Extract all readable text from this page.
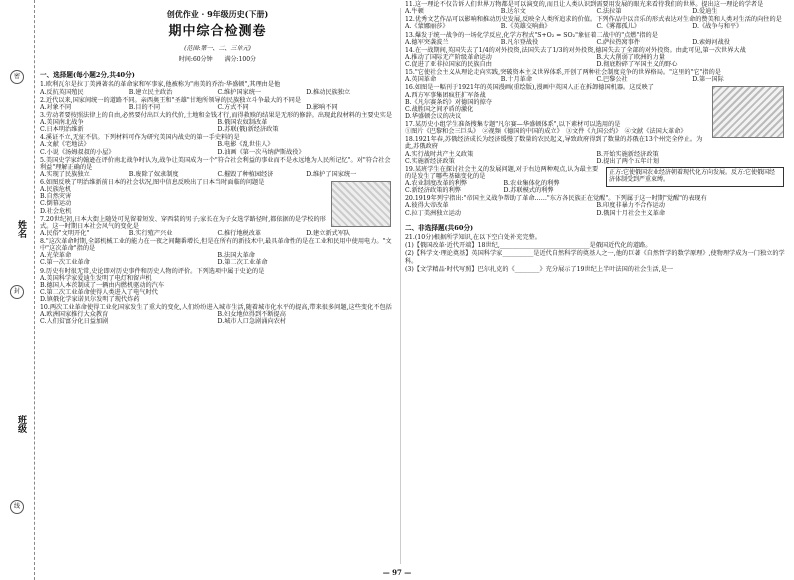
密
姓名
封
班级
线
创优作业 · 9年级历史(下册)
期中综合检测卷
(范围:第一、二、三单元)
时间:60分钟　　满分:100分
一、选择题(每小题2分,共40分)
1.欧利瓦尔是拉丁美洲著名的革命家和军事家,他被称为"南美的乔治·华盛顿",其理由是他
A.反抗英国殖民	B.建立民主政治	C.维护国家统一	D.推动民族独立
2.近代以来,国家间统一的道路不同。亲西奥王和"圣雄"甘地所领导的民族独立斗争最大的不同是
A.对象不同	B.目的不同	C.方式不同	D.影响不同
3.劳动者要按照法律上的自由,必然要付出巨大的代价,土地和金钱才行,而得救赎的结果是无形的修辞。出现此段材料的主要史实是
A.美国南北战争	B.俄国农奴制改革
C.日本明治维新	D.苏联(俄)新经济政策
4.溪证不立,无征不信。下列材料可作为研究美国内战史的第一手史料的是
A.文献《宅地法》	B.电影《乱世佳人》
C.小说《汤姆叔叔的小屋》	D.油画《第一次马纳萨斯战役》
5.美国史学家约翰逊在评价南北战争时认为,战争让美国成为一个"符合社会利益的事业而不是永远地为人民所记忆"。对"符合社会利益"理解正确的是
A.实现了民族独立	B.废除了奴隶制度	C.摧毁了种植园经济	D.维护了国家统一
6.如图反映了明治维新前日本的社会状况,图中信息反映出了日本当时面临的问题是
A.民族危机
B.自然灾害
C.倒幕运动
D.社会危机
7.20世纪初,日本大街上随处可见留着短发、穿西装的男子;家长在为子女选学路径时,都依据的是学校的形式。这一时期日本社会风气的变化是
A.民俗"文明开化"	B.实行殖产兴业	C.推行地税改革	D.建立新式军队
8."这次革命时期,全部机械工业的能力在一夜之间翻番增长,但是在所有的新技术中,最具革命性的是在工业和民用中使用电力。"文中"这次革命"指的是
A.光荣革命	B.法国大革命
C.第一次工业革命	D.第二次工业革命
9.历史有时很无常,史论即对历史事件和历史人物的评价。下列选项中属于史论的是
A.美国科学家爱迪生发明了电灯和留声机
B.德国人本茨制成了一辆由内燃机驱动的汽车
C.第二次工业革命使得人类进入了电气时代
D.镇俄化学家诺贝尔发明了现代炸药
10.两次工业革命使得工业化国家发生了重大的变化,人们纷纷进入城市生活,随着城市化水平的提高,带来很多问题,这些变化不包括
A.欧洲国家推行大众教育	B.妇女地位得到不断提高
C.人们贫富分化日益加剧	D.城市人口急剧涌向农村
11.这一理论不仅告诉人们世界万物都是可以演变的,而且让人类认识到需要用发展的眼光来看待我们的世界。提出这一理论的学者是
A.牛顿	B.达尔文	C.法拉第	D.爱迪生
12.优秀文艺作品可以影响和推动历史发展,反映全人类所追求的价值。下列作品中以音乐的形式表达对生命的赞美和人类对生活的向往的是
A.《蒙娜丽莎》	B.《英雄交响曲》	C.《雾都孤儿》	D.《战争与和平》
13.爆发于统一战争的一场化学反应,化学方程式"S+O₂ = SO₂"象征着二战中的"点燃"指的是
A.德军突袭波兰	B.凡尔登战役	C.萨拉热窝事件	D.索姆河战役
14.在一战期间,英国失去了1/4的对外投资,法国失去了1/3的对外投资,德国失去了全部的对外投资。由此可见,第一次世界大战
A.推动了国际无产阶级革命运动	B.大大削弱了欧洲的力量
C.促进了亚非拉国家的民族自由	D.彻底粉碎了军国主义的野心
15."它使社会主义从理论走向实践,突破资本主义世界体系,开创了两种社会制度竞争的世界格局。"这里的"它"指的是
A.英国革命	B.十月革命	C.巴黎公社	D.第一国际
16.如图是一幅刊于1921年的英国漫画(重绘版),漫画中英国人正在拆卸德国机器。这反映了
A.西方军事集团疯狂扩军备战
B.《凡尔赛条约》对德国的掠夺
C.战胜国之间矛盾的激化
D.华盛顿会议的决议
17.某历史小组学生准备搜集专题"凡尔赛—华盛顿体系",以下素材可以选用的是
①图片《巴黎和会三巨头》　②视频《德国的中国的成立》　③文件《九国公约》　④文献《法国大革命》
18.1921年春,苏俄经济成长为经济缓慢了数量的农民起义,导致政府得到了数量的苏俄在13个州完全停止。为此,苏俄政府
A.实行战时共产主义政策	B.开始实施新经济政策
C.实施新经济政策	D.提出了两个五年计划
正方:它使俄国农业经济朝着现代化方向发展。反方:它使俄国经济体制受到严重束缚。
19.某班学生在探讨社会主义的发展问题,对于右边两种观点,认为最主要的是发生了哪些基础变化的是
A.农业制度改革的利弊	B.农业集体化的利弊
C.新经济政策的利弊	D.苏联模式的利弊
20.1919年列宁指出:"帝国主义战争帮助了革命……"东方各民族正在觉醒"。下列属于这一时期"觉醒"的表现有
A.彼得大帝改革	B.印度非暴力不合作运动
C.拉丁美洲独立运动	D.俄国十月社会主义革命
二、非选择题(共60分)
21.(10分)根据所学知识,在以下空白处补充完整。
(1)【俄国改革·近代开端】18世纪,_____________________________是俄国近代化的道路。
(2)【科学文·理论奠基】英国科学家__________是近代自然科学的奠基人之一,他的巨著《自然哲学的数学原理》,使物理学成为一门独立的学科。
(3)【文学精品·时代写照】巴尔扎克的《________》充分展示了19世纪上半叶法国的社会生活,是一
— 97 —
